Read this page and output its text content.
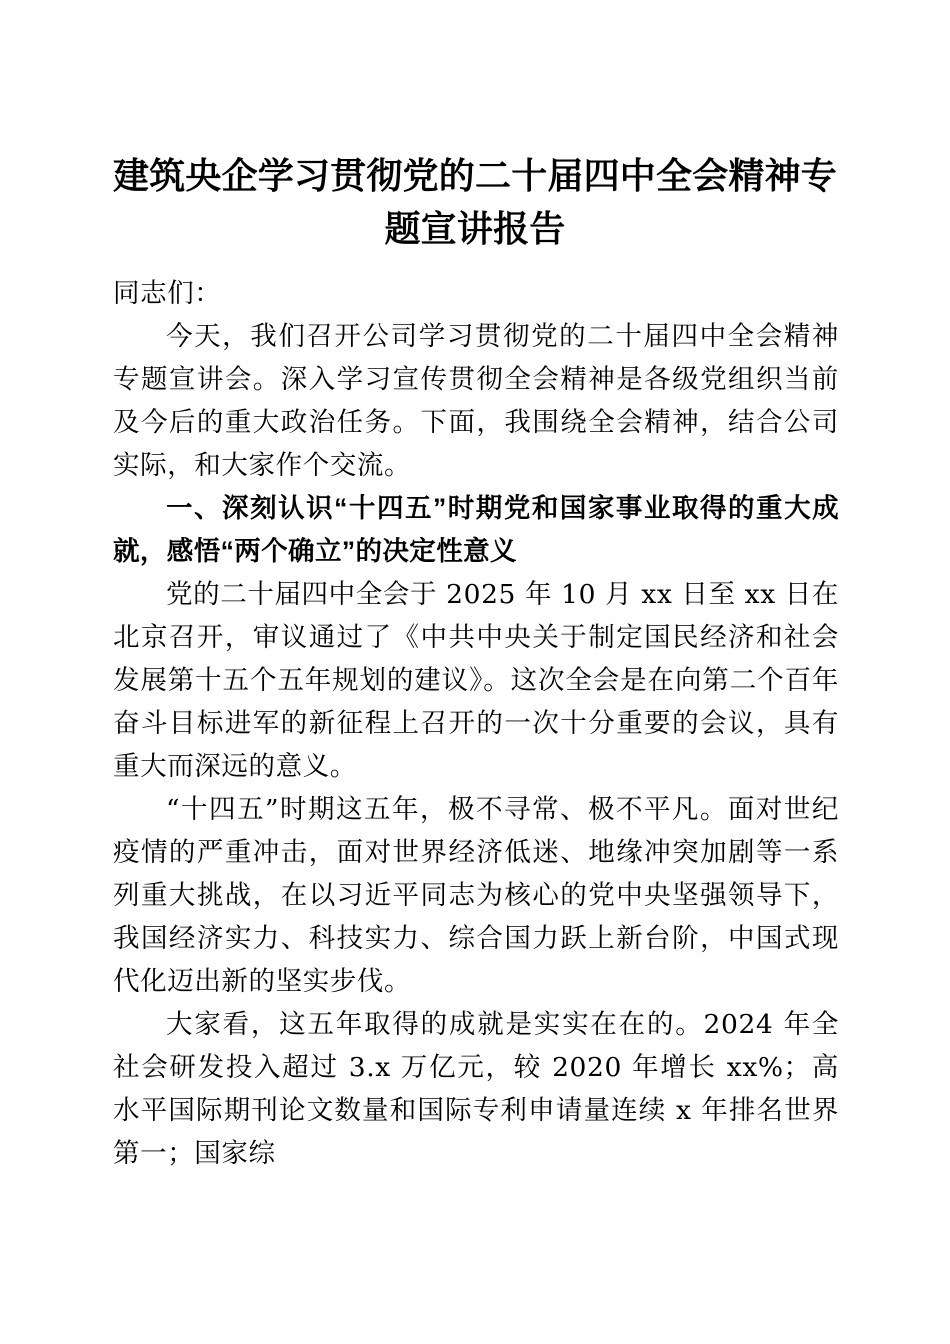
建筑央企学习贯彻党的二十届四中全会精神专题宣讲报告

同志们：

今天，我们召开公司学习贯彻党的二十届四中全会精神专题宣讲会。深入学习宣传贯彻全会精神是各级党组织当前及今后的重大政治任务。下面，我围绕全会精神，结合公司实际，和大家作个交流。

一、深刻认识“十四五”时期党和国家事业取得的重大成就，感悟“两个确立”的决定性意义

党的二十届四中全会于 2025 年 10 月 xx 日至 xx 日在北京召开，审议通过了《中共中央关于制定国民经济和社会发展第十五个五年规划的建议》。这次全会是在向第二个百年奋斗目标进军的新征程上召开的一次十分重要的会议，具有重大而深远的意义。

“十四五”时期这五年，极不寻常、极不平凡。面对世纪疫情的严重冲击，面对世界经济低迷、地缘冲突加剧等一系列重大挑战，在以习近平同志为核心的党中央坚强领导下，我国经济实力、科技实力、综合国力跃上新台阶，中国式现代化迈出新的坚实步伐。

大家看，这五年取得的成就是实实在在的。2024 年全社会研发投入超过 3.x 万亿元，较 2020 年增长 xx%；高水平国际期刊论文数量和国际专利申请量连续 x 年排名世界第一；国家综
